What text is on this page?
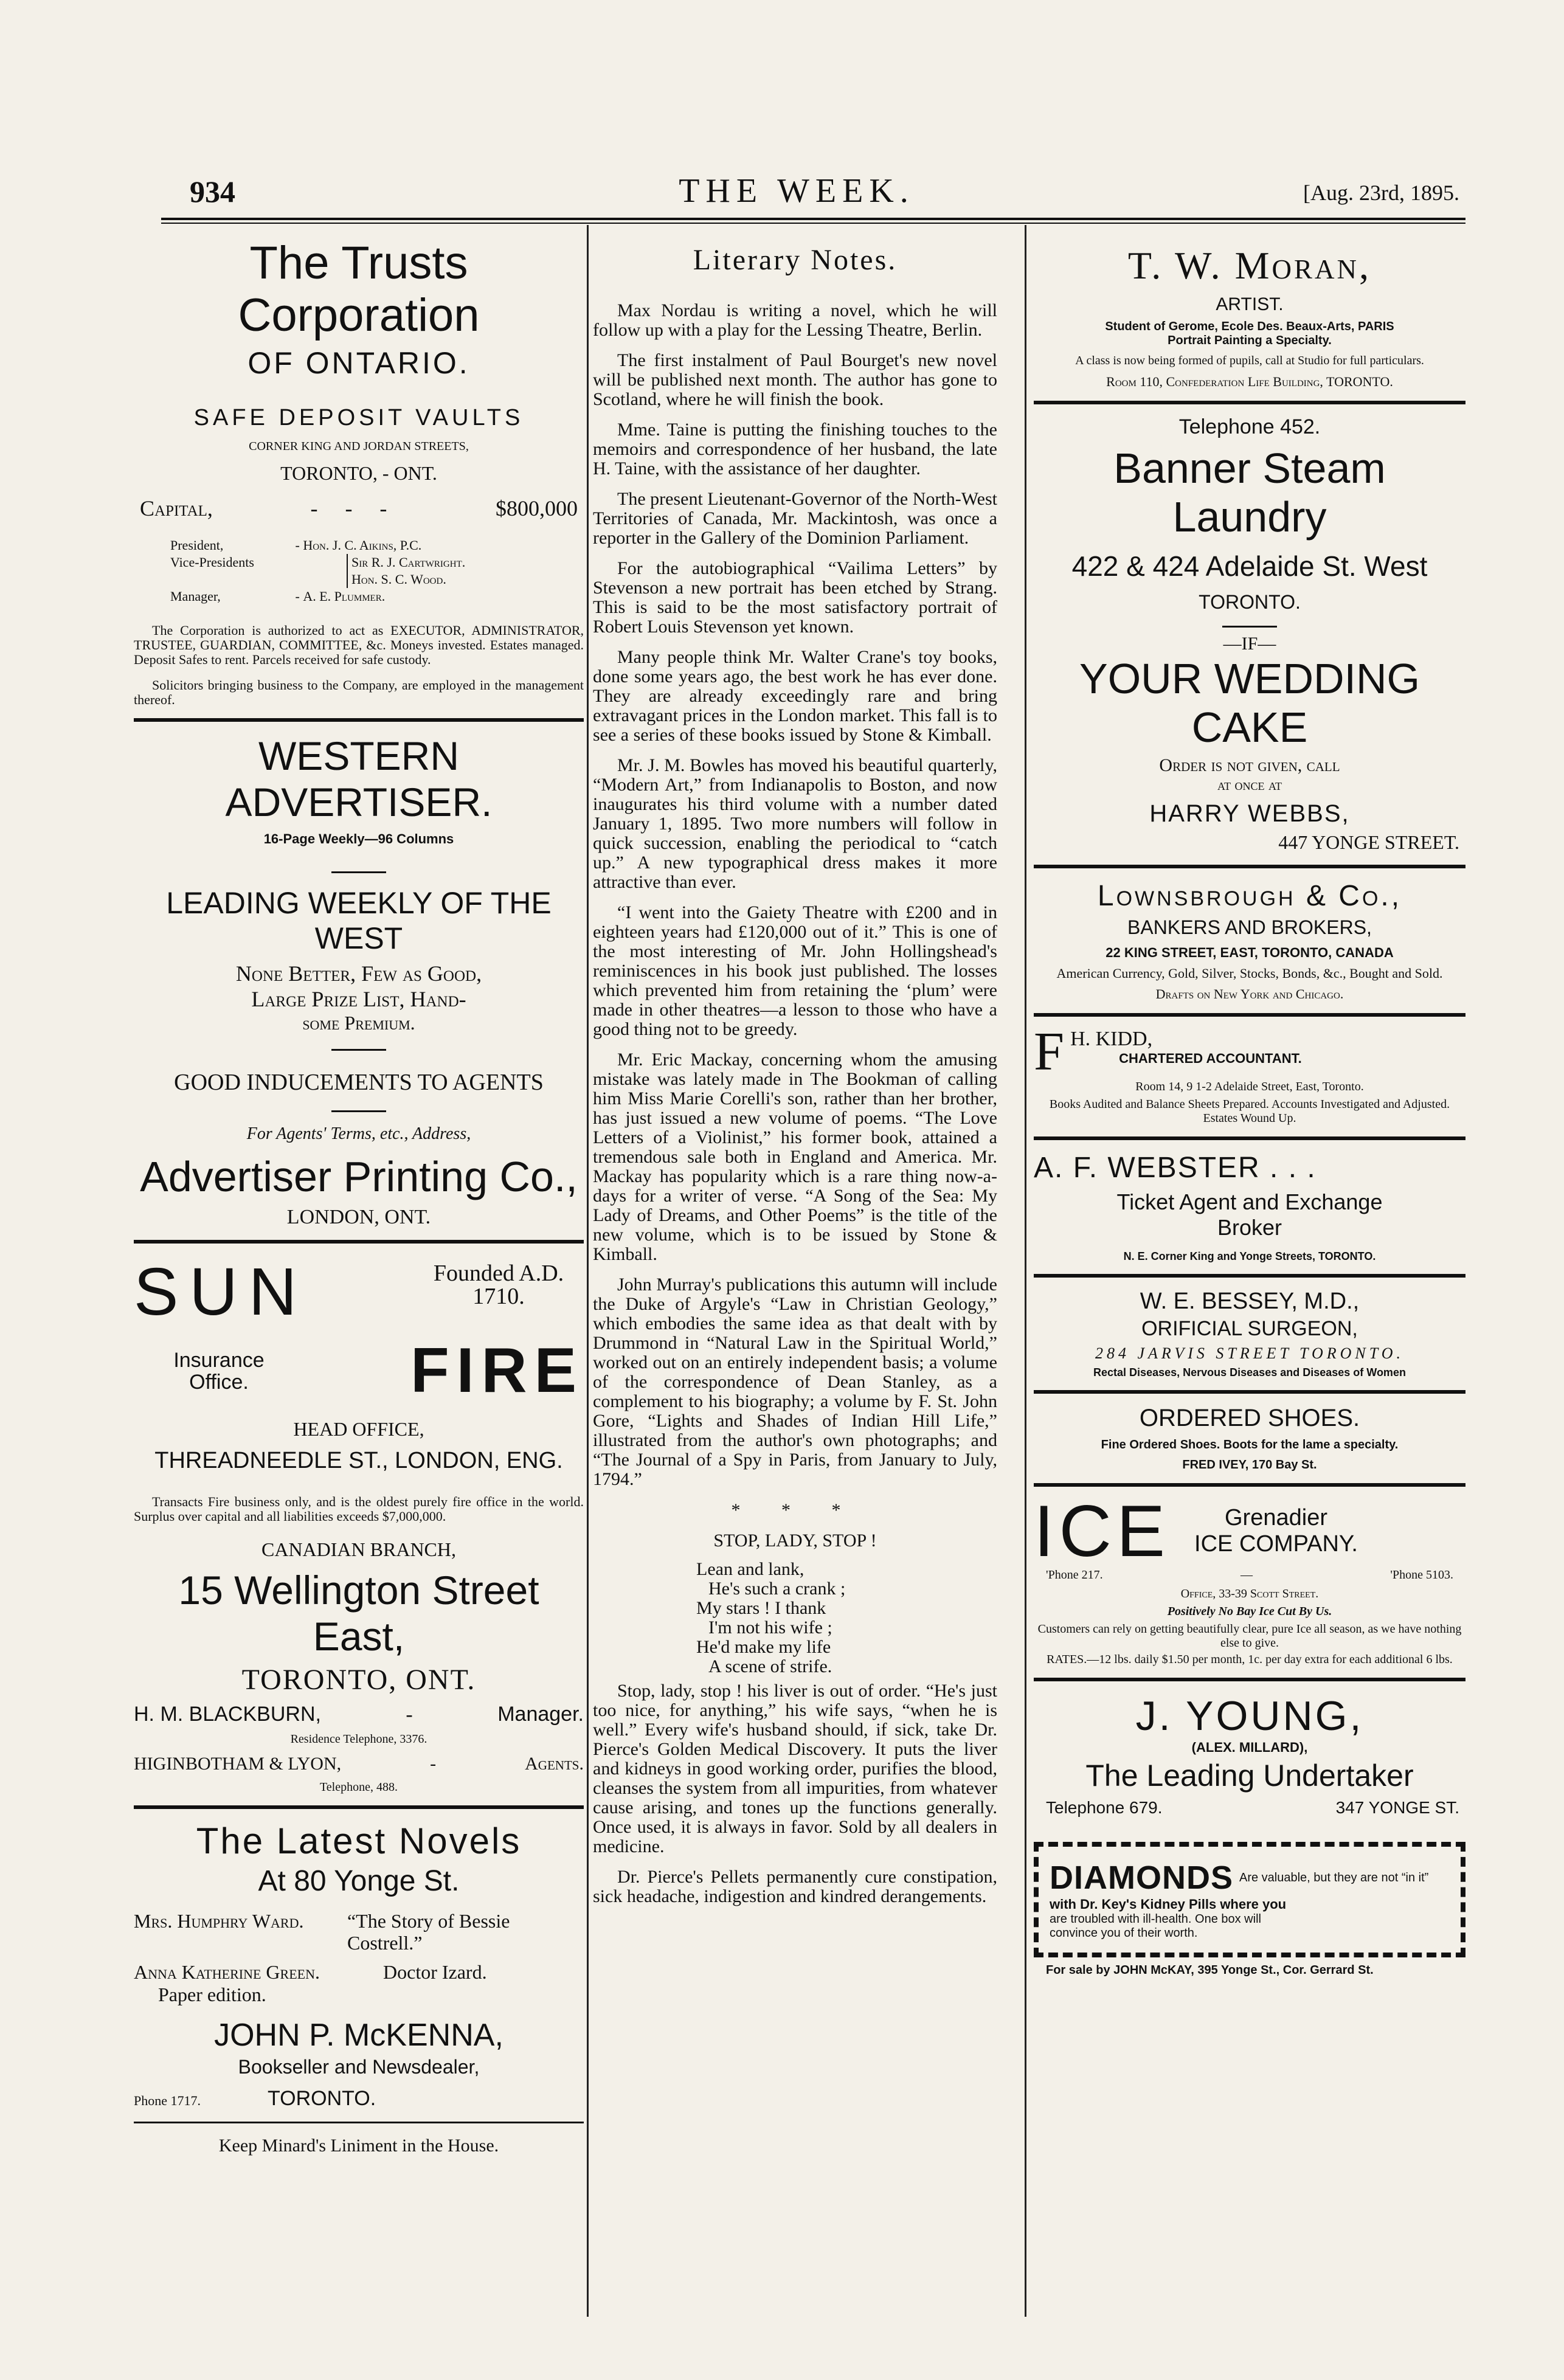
934	THE WEEK.	[Aug. 23rd, 1895.
The Trusts Corporation
OF ONTARIO.
SAFE DEPOSIT VAULTS
CORNER KING AND JORDAN STREETS,
TORONTO, - ONT.
Capital,	- - -	$800,000
President,	- Hon. J. C. Aikins, P.C.
Vice-Presidents	Sir R. J. Cartwright.
Hon. S. C. Wood.
Manager,	- A. E. Plummer.

The Corporation is authorized to act as EXECUTOR, ADMINISTRATOR, TRUSTEE, GUARDIAN, COMMITTEE, &c. Moneys invested. Estates managed. Deposit Safes to rent. Parcels received for safe custody.

Solicitors bringing business to the Company, are employed in the management thereof.

WESTERN ADVERTISER.
16-Page Weekly—96 Columns
LEADING WEEKLY OF THE WEST
None Better, Few as Good,
Large Prize List, Hand-
some Premium.
GOOD INDUCEMENTS TO AGENTS
For Agents' Terms, etc., Address,
Advertiser Printing Co.,
LONDON, ONT.
SUN	Founded A.D. 1710.
Insurance Office.	FIRE
HEAD OFFICE,
THREADNEEDLE ST., LONDON, ENG.

Transacts Fire business only, and is the oldest purely fire office in the world. Surplus over capital and all liabilities exceeds $7,000,000.

CANADIAN BRANCH,
15 Wellington Street East,
TORONTO, ONT.
H. M. BLACKBURN,	-	Manager.
Residence Telephone, 3376.
HIGINBOTHAM & LYON,	-	Agents.
Telephone, 488.
The Latest Novels
At 80 Yonge St.
Mrs. Humphry Ward.	“The Story of Bessie Costrell.”
Anna Katherine Green.	Doctor Izard.
Paper edition.
JOHN P. McKENNA,
Bookseller and Newsdealer,
Phone 1717.	TORONTO.
Keep Minard's Liniment in the House.
Literary Notes.

Max Nordau is writing a novel, which he will follow up with a play for the Lessing Theatre, Berlin.

The first instalment of Paul Bourget's new novel will be published next month. The author has gone to Scotland, where he will finish the book.

Mme. Taine is putting the finishing touches to the memoirs and correspondence of her husband, the late H. Taine, with the assistance of her daughter.

The present Lieutenant-Governor of the North-West Territories of Canada, Mr. Mackintosh, was once a reporter in the Gallery of the Dominion Parliament.

For the autobiographical “Vailima Letters” by Stevenson a new portrait has been etched by Strang. This is said to be the most satisfactory portrait of Robert Louis Stevenson yet known.

Many people think Mr. Walter Crane's toy books, done some years ago, the best work he has ever done. They are already exceedingly rare and bring extravagant prices in the London market. This fall is to see a series of these books issued by Stone & Kimball.

Mr. J. M. Bowles has moved his beautiful quarterly, “Modern Art,” from Indianapolis to Boston, and now inaugurates his third volume with a number dated January 1, 1895. Two more numbers will follow in quick succession, enabling the periodical to “catch up.” A new typographical dress makes it more attractive than ever.

“I went into the Gaiety Theatre with £200 and in eighteen years had £120,000 out of it.” This is one of the most interesting of Mr. John Hollingshead's reminiscences in his book just published. The losses which prevented him from retaining the ‘plum’ were made in other theatres—a lesson to those who have a good thing not to be greedy.

Mr. Eric Mackay, concerning whom the amusing mistake was lately made in The Bookman of calling him Miss Marie Corelli's son, rather than her brother, has just issued a new volume of poems. “The Love Letters of a Violinist,” his former book, attained a tremendous sale both in England and America. Mr. Mackay has popularity which is a rare thing now-a-days for a writer of verse. “A Song of the Sea: My Lady of Dreams, and Other Poems” is the title of the new volume, which is to be issued by Stone & Kimball.

John Murray's publications this autumn will include the Duke of Argyle's “Law in Christian Geology,” which embodies the same idea as that dealt with by Drummond in “Natural Law in the Spiritual World,” worked out on an entirely independent basis; a volume of the correspondence of Dean Stanley, as a complement to his biography; a volume by F. St. John Gore, “Lights and Shades of Indian Hill Life,” illustrated from the author's own photographs; and “The Journal of a Spy in Paris, from January to July, 1794.”

* * *
STOP, LADY, STOP !
Lean and lank,
He's such a crank ;
My stars ! I thank
I'm not his wife ;
He'd make my life
A scene of strife.

Stop, lady, stop ! his liver is out of order. “He's just too nice, for anything,” his wife says, “when he is well.” Every wife's husband should, if sick, take Dr. Pierce's Golden Medical Discovery. It puts the liver and kidneys in good working order, purifies the blood, cleanses the system from all impurities, from whatever cause arising, and tones up the functions generally. Once used, it is always in favor. Sold by all dealers in medicine.

Dr. Pierce's Pellets permanently cure constipation, sick headache, indigestion and kindred derangements.

T. W. Moran,
ARTIST.
Student of Gerome, Ecole Des. Beaux-Arts, PARIS
Portrait Painting a Specialty.
A class is now being formed of pupils, call at Studio for full particulars.
Room 110, Confederation Life Building, TORONTO.
Telephone 452.
Banner Steam Laundry
422 & 424 Adelaide St. West
TORONTO.
—IF—
YOUR WEDDING CAKE
Order is not given, call
at once at
HARRY WEBBS,
447 YONGE STREET.
Lownsbrough & Co.,
BANKERS AND BROKERS,
22 KING STREET, EAST, TORONTO, CANADA
American Currency, Gold, Silver, Stocks, Bonds, &c., Bought and Sold.
Drafts on New York and Chicago.
F H. KIDD,
CHARTERED ACCOUNTANT.
Room 14, 9 1-2 Adelaide Street, East, Toronto.
Books Audited and Balance Sheets Prepared. Accounts Investigated and Adjusted. Estates Wound Up.
A. F. WEBSTER . . .
Ticket Agent and Exchange
Broker
N. E. Corner King and Yonge Streets, TORONTO.
W. E. BESSEY, M.D.,
ORIFICIAL SURGEON,
284 JARVIS STREET TORONTO.
Rectal Diseases, Nervous Diseases and Diseases of Women
ORDERED SHOES.
Fine Ordered Shoes. Boots for the lame a specialty.
FRED IVEY, 170 Bay St.
ICE	Grenadier
ICE COMPANY.
'Phone 217.	—	'Phone 5103.
Office, 33-39 Scott Street.
Positively No Bay Ice Cut By Us.
Customers can rely on getting beautifully clear, pure Ice all season, as we have nothing else to give.
RATES.—12 lbs. daily $1.50 per month, 1c. per day extra for each additional 6 lbs.
J. YOUNG,
(ALEX. MILLARD),
The Leading Undertaker
Telephone 679.	347 YONGE ST.
DIAMONDS Are valuable, but they are not “in it”
with Dr. Key's Kidney Pills where you
are troubled with ill-health. One box will
convince you of their worth.
For sale by JOHN McKAY, 395 Yonge St., Cor. Gerrard St.
